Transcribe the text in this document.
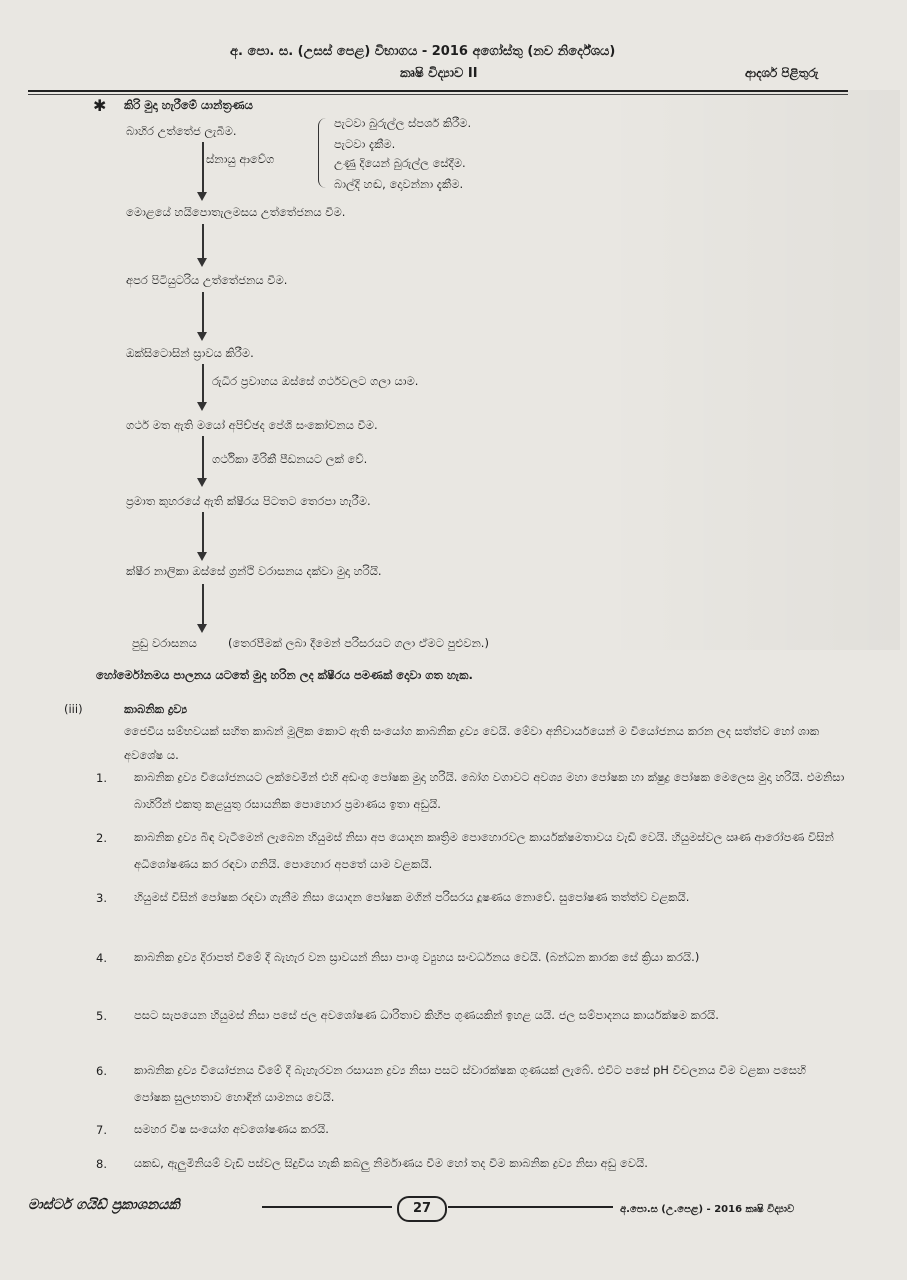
අ. පො. ස. (උසස් පෙළ) විභාගය - 2016 අගෝස්තු (නව නිර්දේශය)
කෘෂි විද්‍යාව II	ආදර්ශ පිළිතුරු
✱ කිරි මුදා හැරීමේ යාන්ත්‍රණය
බාහිර උත්තේජ ලැබීම.
පැටවා බුරුල්ල ස්පර්ශ කිරීම.
පැටවා දැකීම.
උණු දියෙන් බුරුල්ල සේදීම.
බාල්දි හඬ, දොවන්නා දැකීම.
ස්නායු ආවේග
මොළයේ හයිපොතැලමසය උත්තේජනය වීම.
අපර පිටියුටරිය උත්තේජනය වීම.
ඔක්සිටොසින් ස්‍රාවය කිරීම.
රුධිර ප්‍රවාහය ඔස්සේ ගර්ථවලට ගලා යාම.
ගර්ථ මත ඇති මයෝ අපිච්ඡද පේශි සංකෝචනය වීම.
ගර්ථිකා මිරිකී පීඩනයට ලක් වේ.
ප්‍රමාත කුහරයේ ඇති ක්ෂීරය පිටතට තෙරපා හැරීම.
ක්ෂීර නාලිකා ඔස්සේ ග්‍රන්ථි වරාසනය දක්වා මුදා හරියි.
පුඩු වරාසනය	(තෙරපීමක් ලබා දීමෙන් පරිසරයට ගලා ඒමට පුළුවන.)
හෝර්මෝනමය පාලනය යටතේ මුදා හරින ලද ක්ෂීරය පමණක් දොවා ගත හැක.
(iii)	කාබනික ද්‍රව්‍ය
ජෛවීය සම්භවයක් සහිත කාබන් මූලික කොට ඇති සංයෝග කාබනික ද්‍රව්‍ය වෙයි. මේවා අනිවාර්යයෙන් ම වියෝජනය කරන ලද සත්ත්ව හෝ ශාක අවශේෂ ය.
1. කාබනික ද්‍රව්‍ය වියෝජනයට ලක්වෙමින් එහි අඩංගු පෝෂක මුදා හරියි. බෝග වගාවට අවශ්‍ය මහා පෝෂක හා ක්ෂුද්‍ර පෝෂක මෙලෙස මුදා හරියි. එමනිසා බාහිරින් එකතු කළයුතු රසායනික පොහොර ප්‍රමාණය ඉතා අඩුයි.
2. කාබනික ද්‍රව්‍ය බිඳ වැටීමෙන් ලැබෙන හියුමස් නිසා අප යොදන කෘත්‍රිම පොහොරවල කාර්යක්ෂමතාවය වැඩි වෙයි. හියුමස්වල ඍණ ආරෝපණ විසින් අධිශෝෂණය කර රඳවා ගනියි. පොහොර අපතේ යාම වළකයි.
3. හියුමස් විසින් පෝෂක රඳවා ගැනීම නිසා යොදන පෝෂක මගින් පරිසරය දූෂණය නොවේ. සුපෝෂණ තත්ත්ව වළකයි.
4. කාබනික ද්‍රව්‍ය දිරාපත් වීමේ දී බැහැර වන ස්‍රාවයන් නිසා පාංශු ව්‍යුහය සංවර්ධනය වෙයි. (බන්ධන කාරක සේ ක්‍රියා කරයි.)
5. පසට සැපයෙන හියුමස් නිසා පසේ ජල අවශෝෂණ ධාරිතාව කිහිප ගුණයකින් ඉහළ යයි. ජල සම්පාදනය කාර්යක්ෂම කරයි.
6. කාබනික ද්‍රව්‍ය වියෝජනය වීමේ දී බැහැරවන රසායන ද්‍රව්‍ය නිසා පසට ස්වාරක්ෂක ගුණයක් ලැබේ. එවිට පසේ pH විචලනය වීම වළකා පසෙහි පෝෂක සුලභතාව හොඳින් යාමනය වෙයි.
7. සමහර විෂ සංයෝග අවශෝෂණය කරයි.
8. යකඩ, ඇලුමිනියම් වැඩි පස්වල සිදුවිය හැකි කබලු නිර්මාණය වීම හෝ තද වීම කාබනික ද්‍රව්‍ය නිසා අඩු වෙයි.
මාස්ටර් ගයිඩ් ප්‍රකාශනයකි	27	අ.පො.ස (උ.පෙළ) - 2016 කෘෂි විද්‍යාව
